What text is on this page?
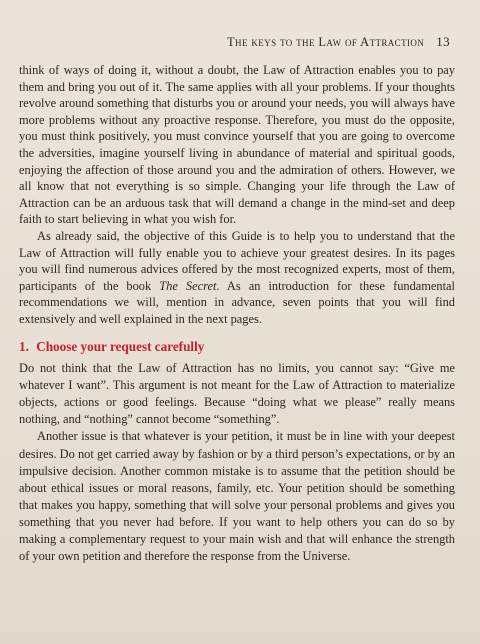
The keys to the Law of Attraction 13

think of ways of doing it, without a doubt, the Law of Attraction enables you to pay them and bring you out of it. The same applies with all your problems. If your thoughts revolve around something that disturbs you or around your needs, you will always have more problems without any proactive response. Therefore, you must do the opposite, you must think positively, you must convince yourself that you are going to overcome the adversities, imagine yourself living in abundance of material and spiritual goods, enjoying the affection of those around you and the admiration of others. However, we all know that not everything is so simple. Changing your life through the Law of Attraction can be an arduous task that will demand a change in the mind-set and deep faith to start believing in what you wish for.

As already said, the objective of this Guide is to help you to understand that the Law of Attraction will fully enable you to achieve your greatest desires. In its pages you will find numerous advices offered by the most recognized experts, most of them, participants of the book The Secret. As an introduction for these fundamental recommendations we will, mention in advance, seven points that you will find extensively and well explained in the next pages.

1. Choose your request carefully

Do not think that the Law of Attraction has no limits, you cannot say: “Give me whatever I want”. This argument is not meant for the Law of Attraction to materialize objects, actions or good feelings. Because “doing what we please” really means nothing, and “nothing” cannot become “something”.

Another issue is that whatever is your petition, it must be in line with your deepest desires. Do not get carried away by fashion or by a third person’s expectations, or by an impulsive decision. Another common mistake is to assume that the petition should be about ethical issues or moral reasons, family, etc. Your petition should be something that makes you happy, something that will solve your personal problems and gives you something that you never had before. If you want to help others you can do so by making a complementary request to your main wish and that will enhance the strength of your own petition and therefore the response from the Universe.
